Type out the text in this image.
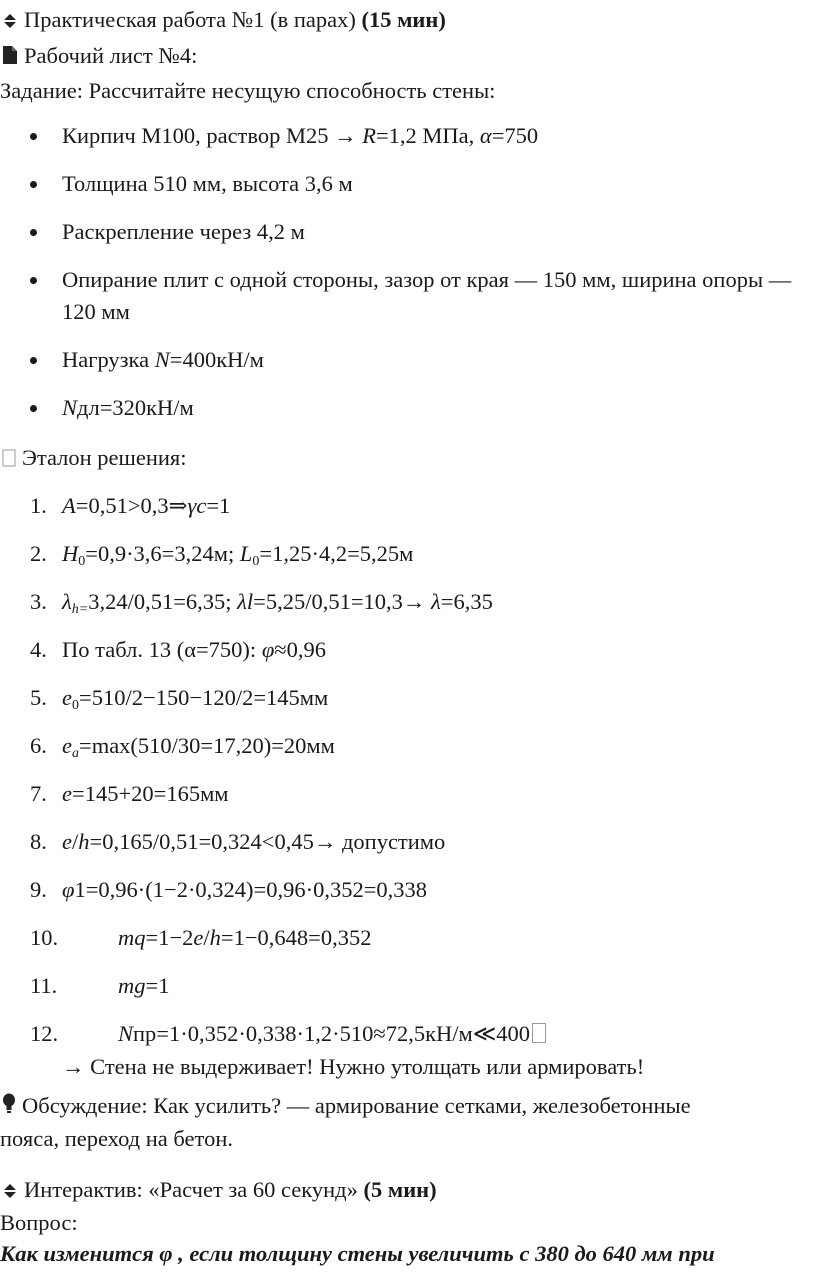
Практическая работа №1 (в парах) (15 мин)
Рабочий лист №4:
Задание: Рассчитайте несущую способность стены:
Кирпич М100, раствор М25 → R=1,2 МПа, α=750
Толщина 510 мм, высота 3,6 м
Раскрепление через 4,2 м
Опирание плит с одной стороны, зазор от края — 150 мм, ширина опоры — 120 мм
Нагрузка N=400кН/м
Nдл=320кН/м
Эталон решения:
1. A=0,51>0,3⇒γc=1
2. $H_0=0,9\cdot 3,6=3,24м$; $L_0=1,25\cdot 4,2=5,25м$
3. $\lambda_{h=}3,24/0,51=6,35$; λl=5,25/0,51=10,3→ λ=6,35
4. По табл. 13 (α=750): φ≈0,96
5. $e_0=510/2-150-120/2=145мм$
6. $e_a=\max(510/30=17,20)=20мм$
7. e=145+20=165мм
8. e/h=0,165/0,51=0,324<0,45→ допустимо
9. φ1=0,96·(1−2·0,324)=0,96·0,352=0,338
10.	mq=1−2e/h=1−0,648=0,352
11.	mg=1
12.	Nпр=1·0,352·0,338·1,2·510≈72,5кН/м≪400
→ Стена не выдерживает! Нужно утолщать или армировать!
Обсуждение: Как усилить? — армирование сетками, железобетонные
пояса, переход на бетон.
Интерактив: «Расчет за 60 секунд» (5 мин)
Вопрос:
Как изменится φ , если толщину стены увеличить с 380 до 640 мм при
